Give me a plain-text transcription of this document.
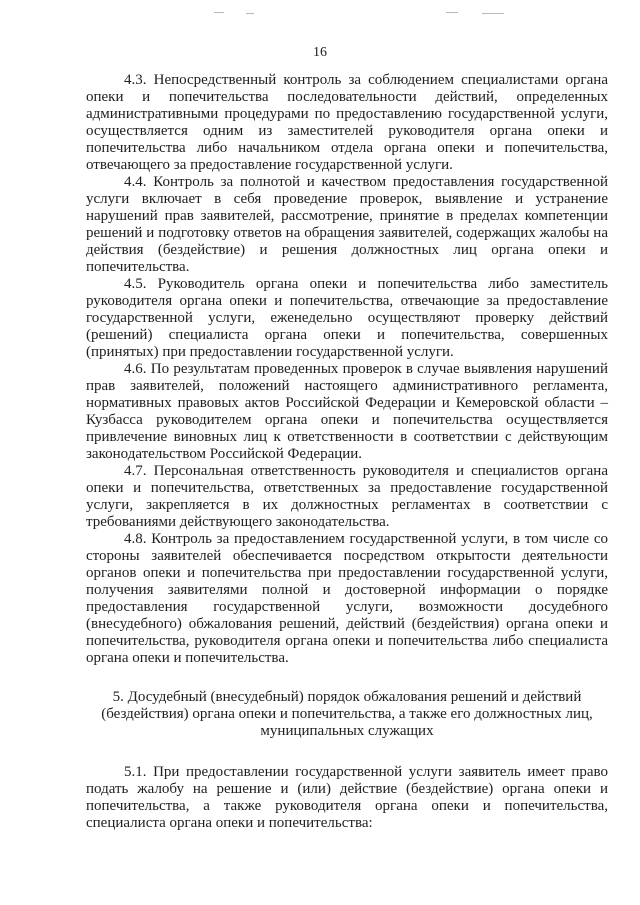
16

4.3. Непосредственный контроль за соблюдением специалистами органа опеки и попечительства последовательности действий, определенных административными процедурами по предоставлению государственной услуги, осуществляется одним из заместителей руководителя органа опеки и попечительства либо начальником отдела органа опеки и попечительства, отвечающего за предоставление государственной услуги.

4.4. Контроль за полнотой и качеством предоставления государственной услуги включает в себя проведение проверок, выявление и устранение нарушений прав заявителей, рассмотрение, принятие в пределах компетенции решений и подготовку ответов на обращения заявителей, содержащих жалобы на действия (бездействие) и решения должностных лиц органа опеки и попечительства.

4.5. Руководитель органа опеки и попечительства либо заместитель руководителя органа опеки и попечительства, отвечающие за предоставление государственной услуги, еженедельно осуществляют проверку действий (решений) специалиста органа опеки и попечительства, совершенных (принятых) при предоставлении государственной услуги.

4.6. По результатам проведенных проверок в случае выявления нарушений прав заявителей, положений настоящего административного регламента, нормативных правовых актов Российской Федерации и Кемеровской области – Кузбасса руководителем органа опеки и попечительства осуществляется привлечение виновных лиц к ответственности в соответствии с действующим законодательством Российской Федерации.

4.7. Персональная ответственность руководителя и специалистов органа опеки и попечительства, ответственных за предоставление государственной услуги, закрепляется в их должностных регламентах в соответствии с требованиями действующего законодательства.

4.8. Контроль за предоставлением государственной услуги, в том числе со стороны заявителей обеспечивается посредством открытости деятельности органов опеки и попечительства при предоставлении государственной услуги, получения заявителями полной и достоверной информации о порядке предоставления государственной услуги, возможности досудебного (внесудебного) обжалования решений, действий (бездействия) органа опеки и попечительства, руководителя органа опеки и попечительства либо специалиста органа опеки и попечительства.

5. Досудебный (внесудебный) порядок обжалования решений и действий
(бездействия) органа опеки и попечительства, а также его должностных лиц,
муниципальных служащих

5.1. При предоставлении государственной услуги заявитель имеет право подать жалобу на решение и (или) действие (бездействие) органа опеки и попечительства, а также руководителя органа опеки и попечительства, специалиста органа опеки и попечительства:
